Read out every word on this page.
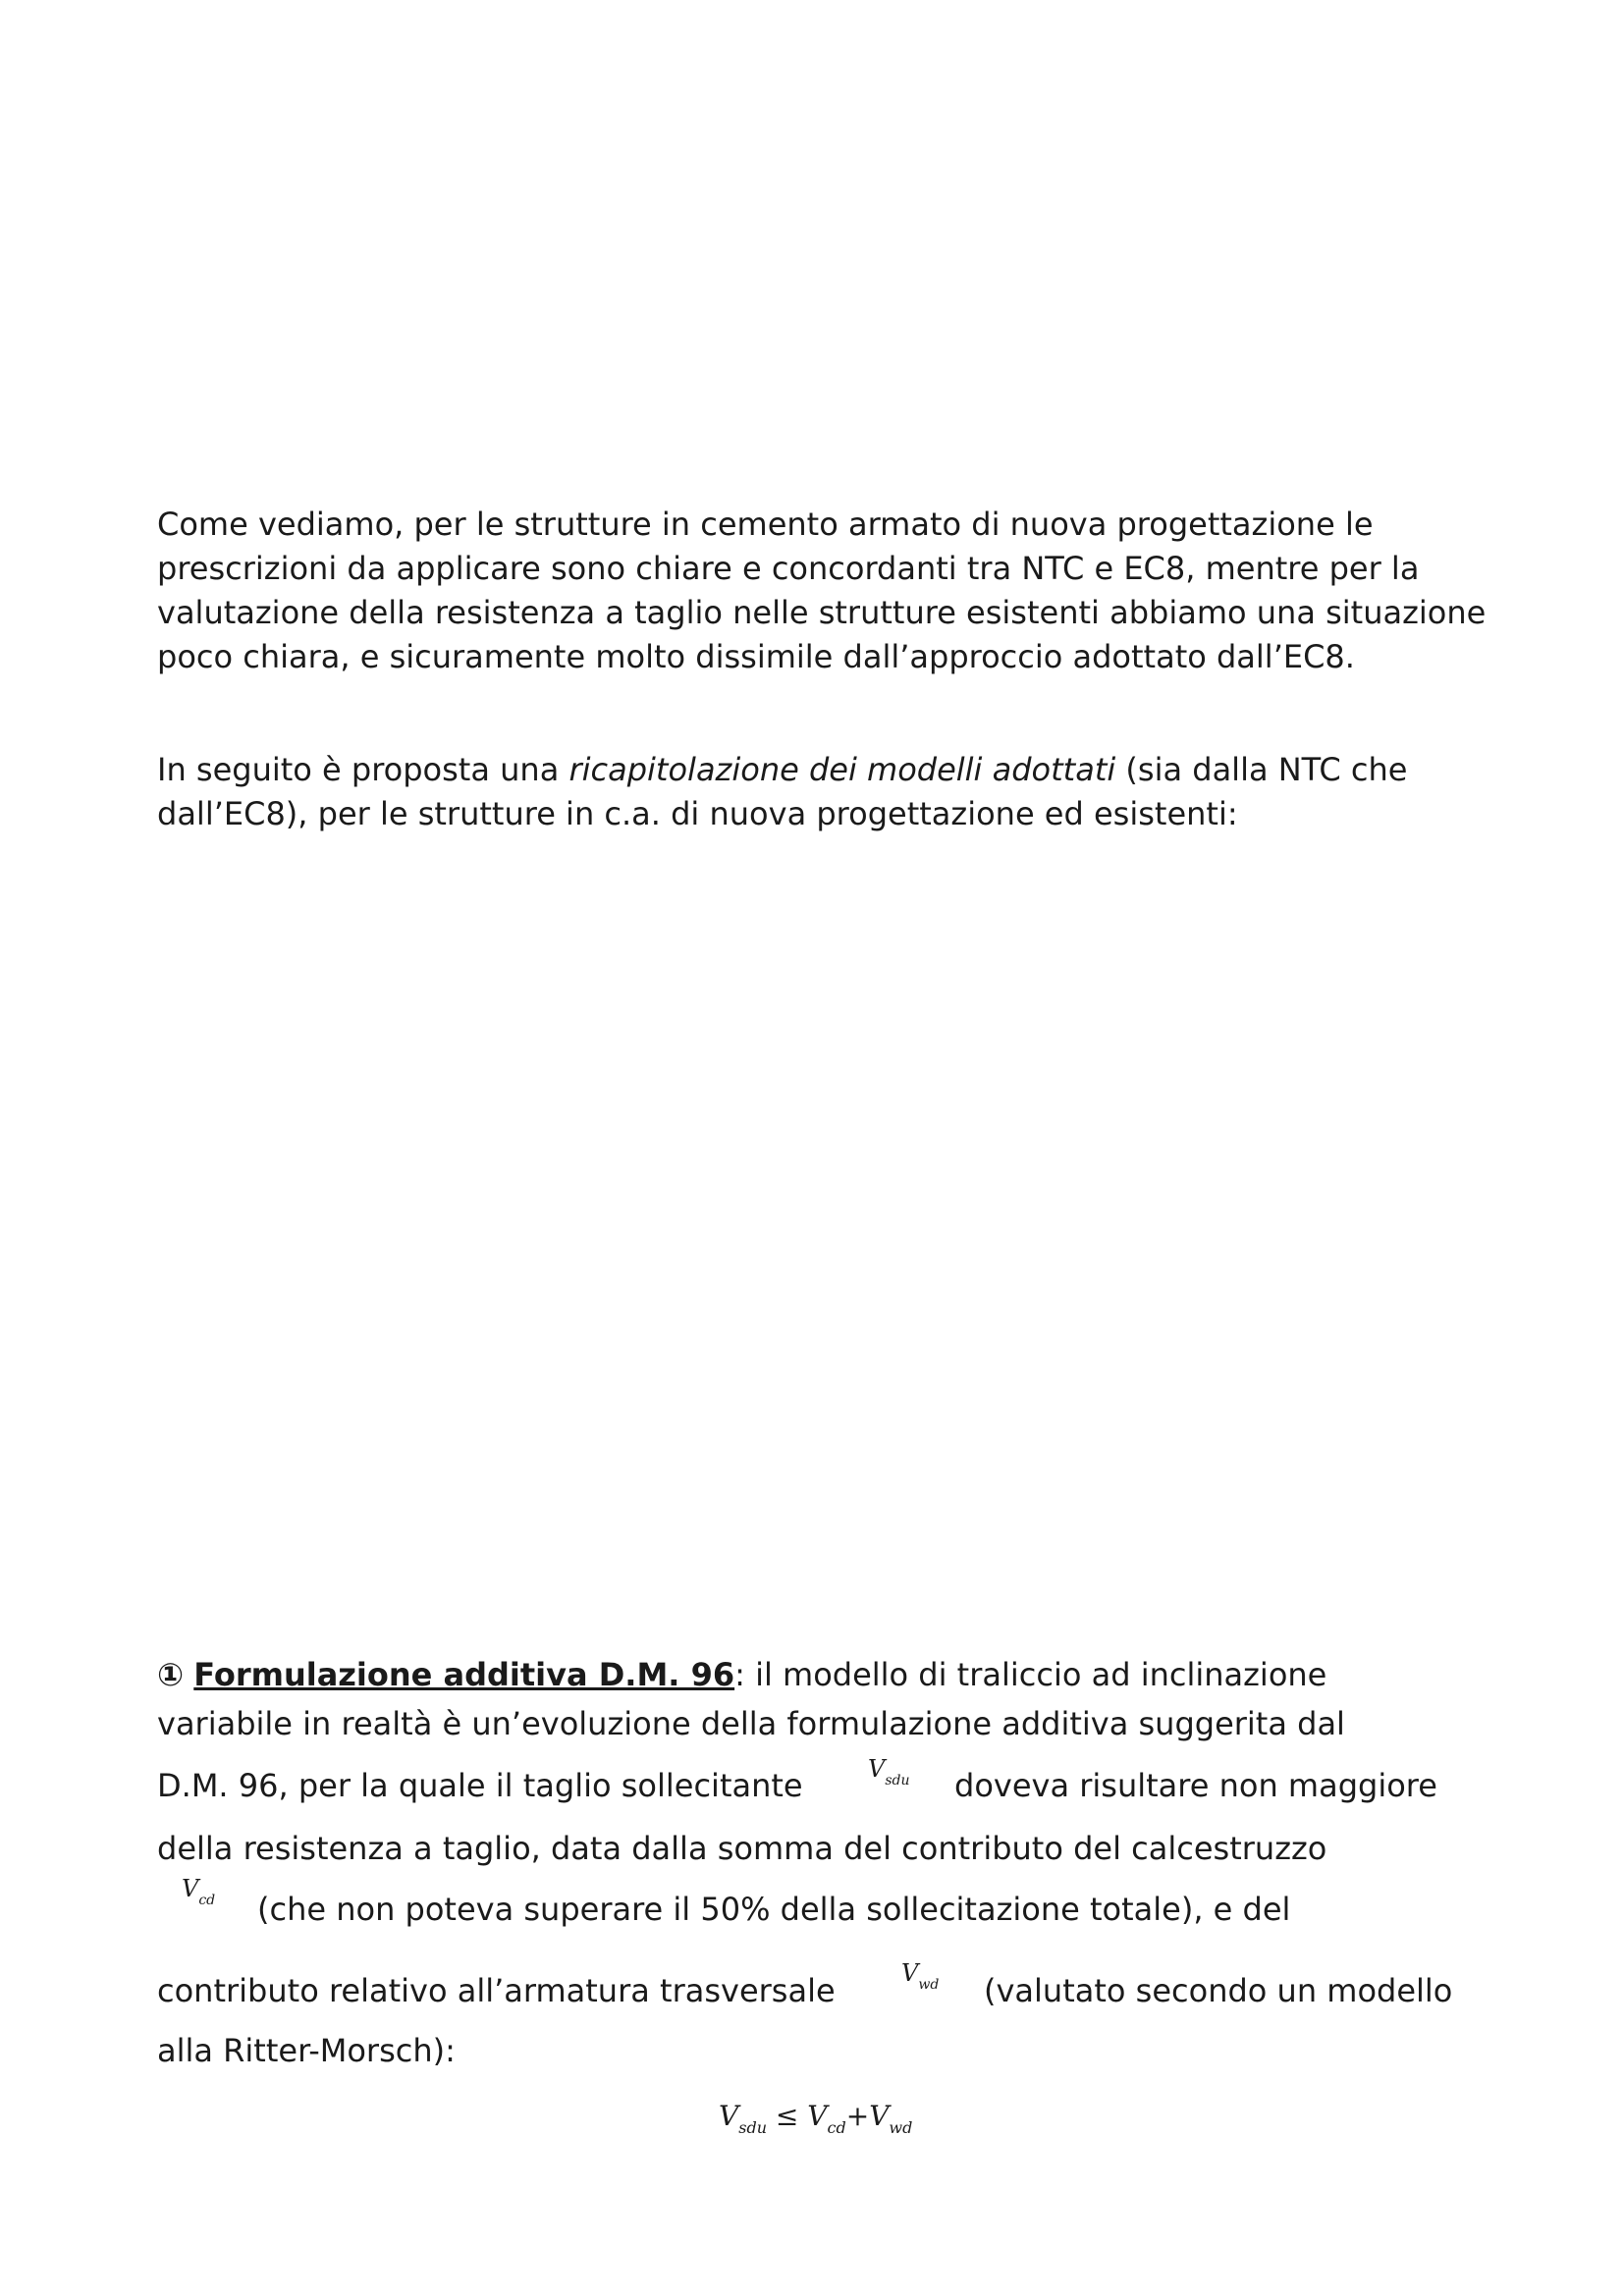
Come vediamo, per le strutture in cemento armato di nuova progettazione le prescrizioni da applicare sono chiare e concordanti tra NTC e EC8, mentre per la valutazione della resistenza a taglio nelle strutture esistenti abbiamo una situazione poco chiara, e sicuramente molto dissimile dall’approccio adottato dall’EC8.

In seguito è proposta una ricapitolazione dei modelli adottati (sia dalla NTC che dall’EC8), per le strutture in c.a. di nuova progettazione ed esistenti:

① Formulazione additiva D.M. 96: il modello di traliccio ad inclinazione
variabile in realtà è un’evoluzione della formulazione additiva suggerita dal
D.M. 96, per la quale il taglio sollecitante	$V_{sdu}$ doveva risultare non maggiore
della resistenza a taglio, data dalla somma del contributo del calcestruzzo
$V_{cd}$ (che non poteva superare il 50% della sollecitazione totale), e del
contributo relativo all’armatura trasversale	$V_{wd}$ (valutato secondo un modello
alla Ritter-Morsch):
$V_{sdu} \le V_{cd}+V_{wd}$
